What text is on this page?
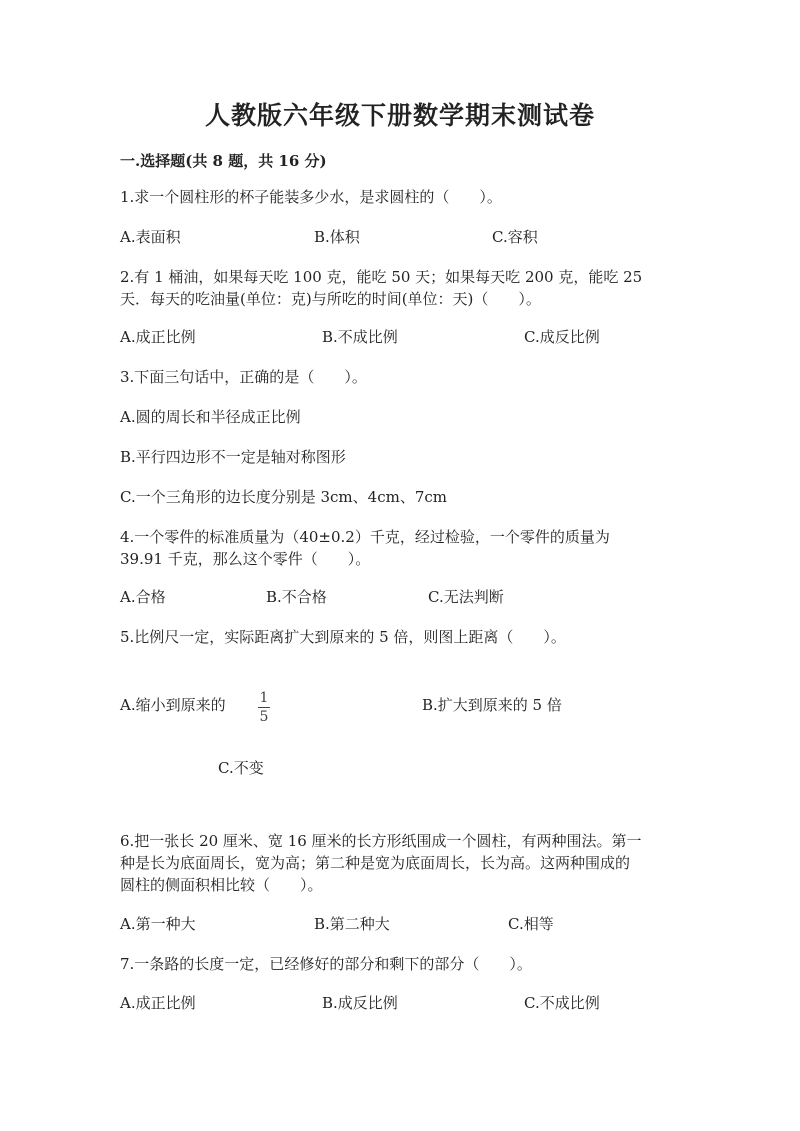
人教版六年级下册数学期末测试卷
一.选择题(共 8 题，共 16 分)
1.求一个圆柱形的杯子能装多少水，是求圆柱的（　　）。
A.表面积	B.体积	C.容积
2.有 1 桶油，如果每天吃 100 克，能吃 50 天；如果每天吃 200 克，能吃 25
天．每天的吃油量(单位：克)与所吃的时间(单位：天)（　　）。
A.成正比例	B.不成比例	C.成反比例
3.下面三句话中，正确的是（　　）。
A.圆的周长和半径成正比例
B.平行四边形不一定是轴对称图形
C.一个三角形的边长度分别是 3cm、4cm、7cm
4.一个零件的标准质量为（40±0.2）千克，经过检验，一个零件的质量为
39.91 千克，那么这个零件（　　）。
A.合格	B.不合格	C.无法判断
5.比例尺一定，实际距离扩大到原来的 5 倍，则图上距离（　　）。
A.缩小到原来的 1
5
B.扩大到原来的 5 倍
C.不变
6.把一张长 20 厘米、宽 16 厘米的长方形纸围成一个圆柱，有两种围法。第一
种是长为底面周长，宽为高；第二种是宽为底面周长，长为高。这两种围成的
圆柱的侧面积相比较（　　）。
A.第一种大	B.第二种大	C.相等
7.一条路的长度一定，已经修好的部分和剩下的部分（　　）。
A.成正比例	B.成反比例	C.不成比例
